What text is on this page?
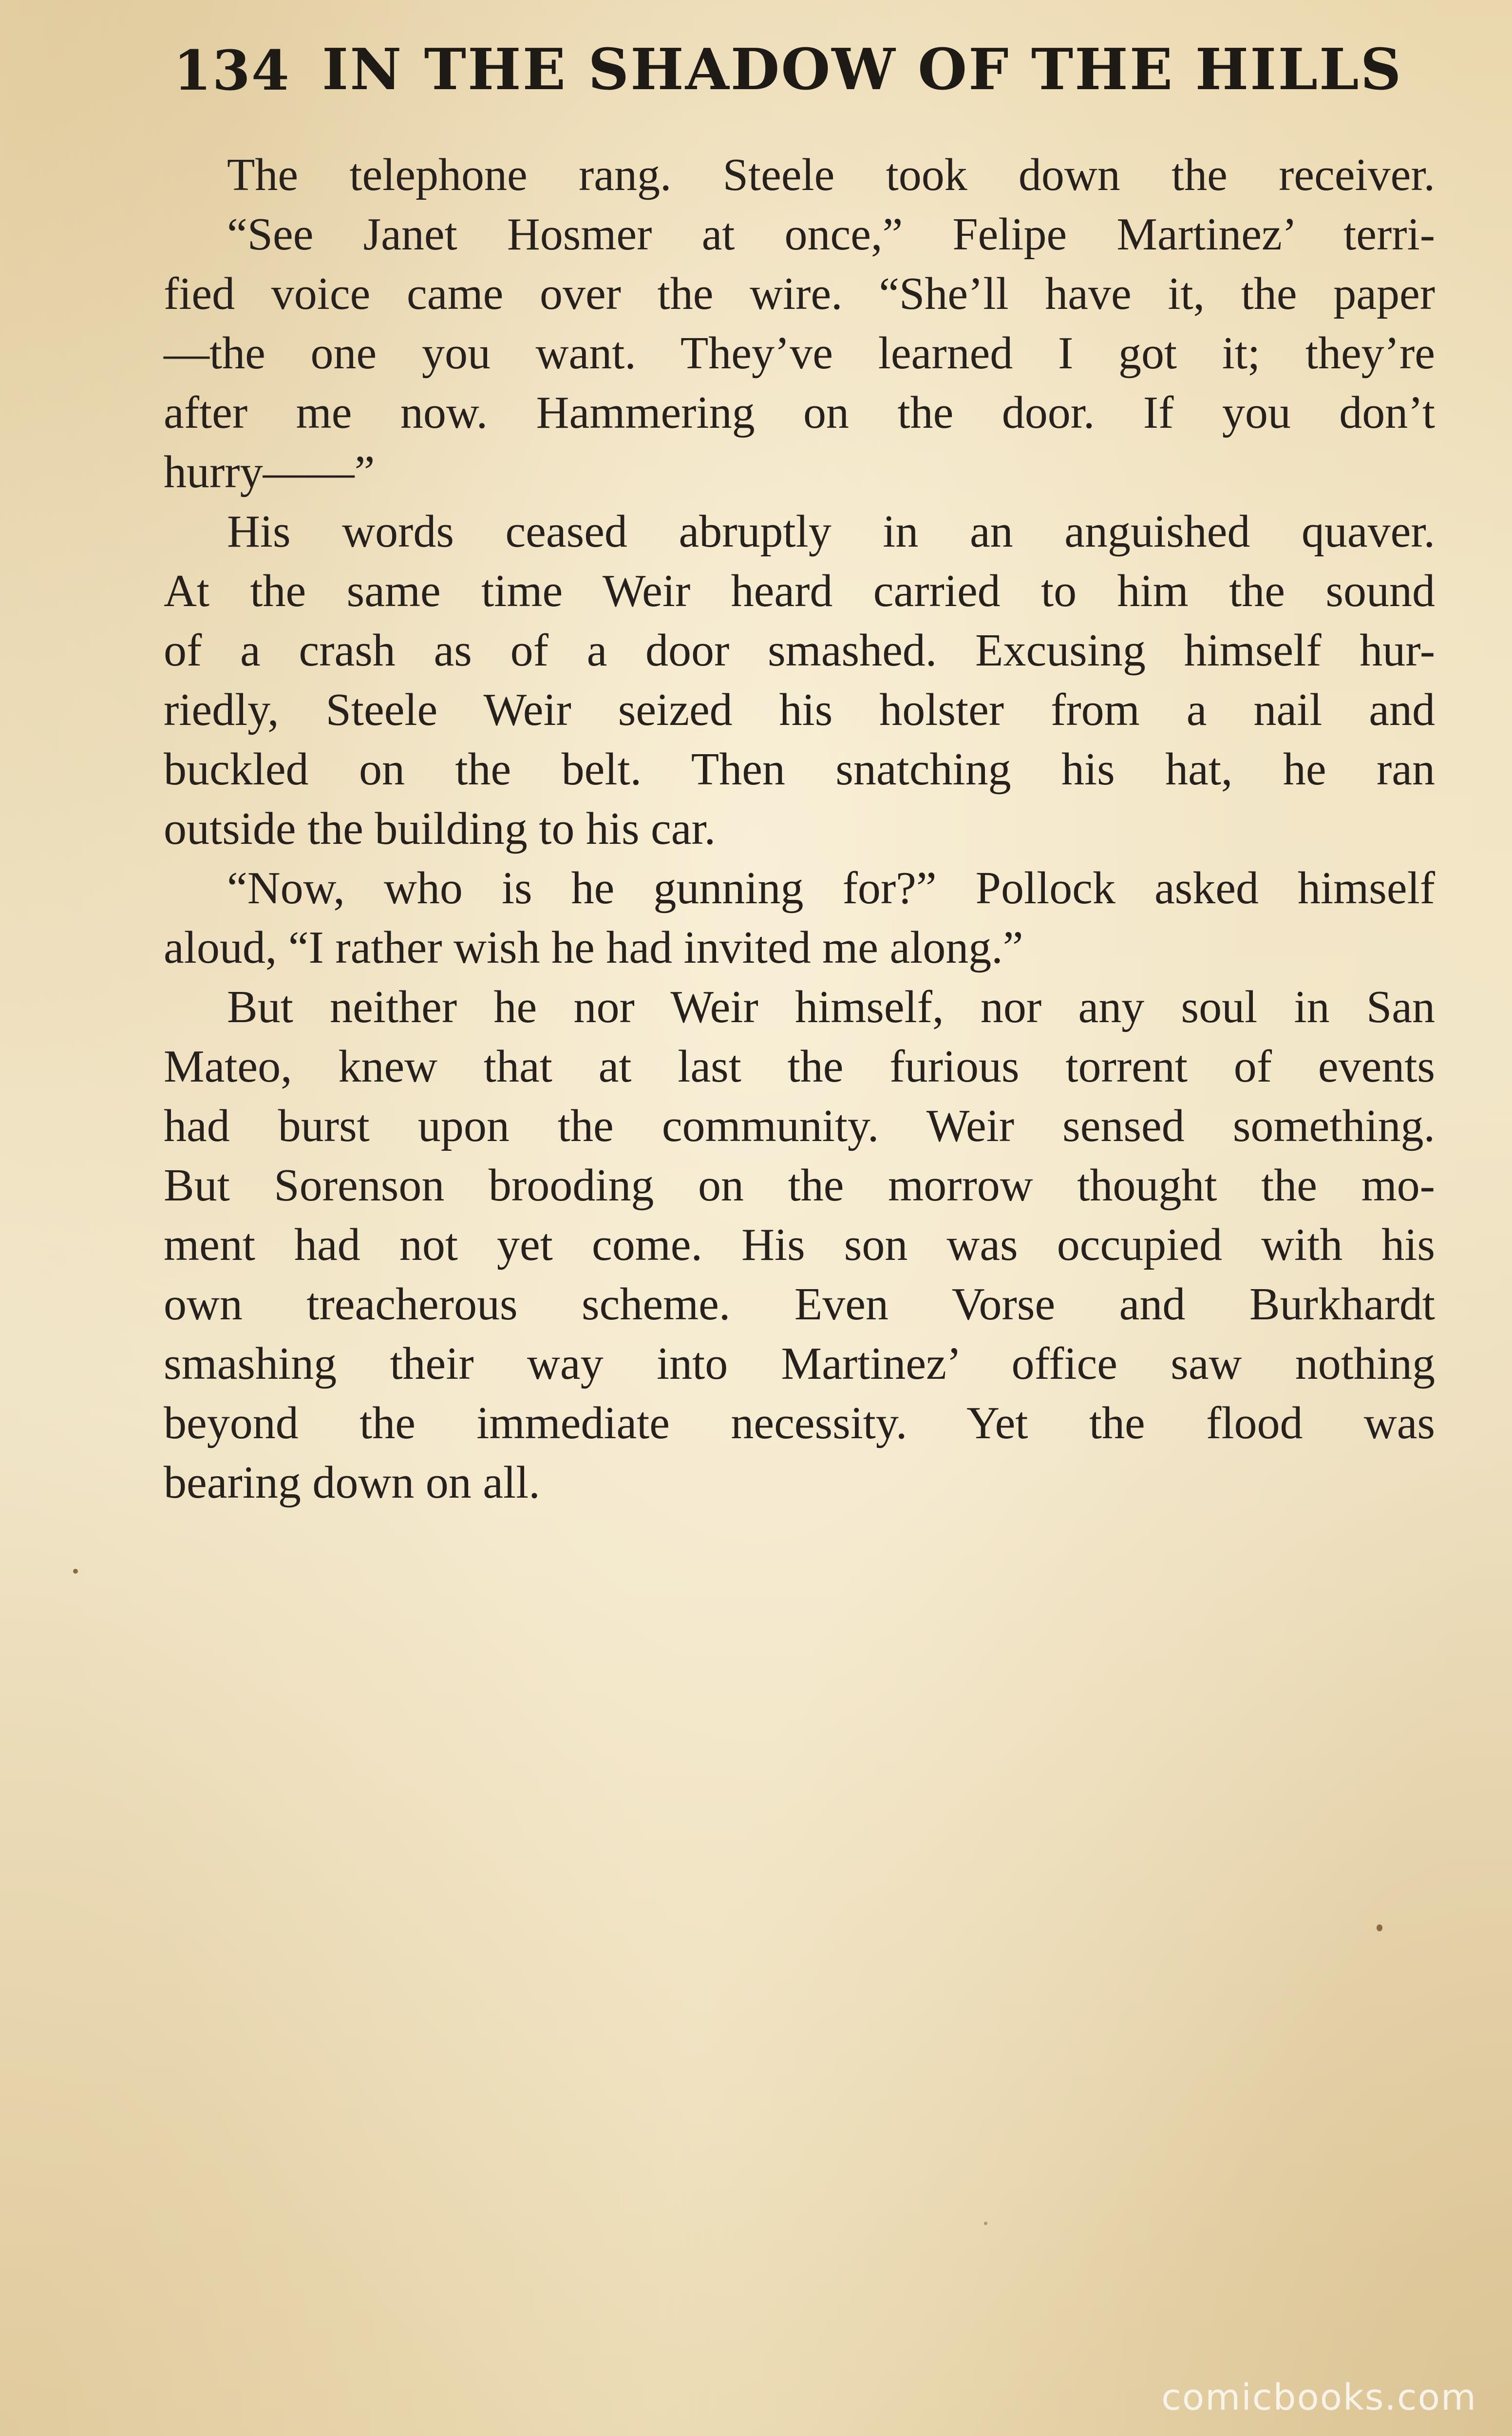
134 IN THE SHADOW OF THE HILLS
The telephone rang. Steele took down the receiver.
“See Janet Hosmer at once,” Felipe Martinez’ terri-
fied voice came over the wire. “She’ll have it, the paper
—the one you want. They’ve learned I got it; they’re
after me now. Hammering on the door. If you don’t
hurry——”
His words ceased abruptly in an anguished quaver.
At the same time Weir heard carried to him the sound
of a crash as of a door smashed. Excusing himself hur-
riedly, Steele Weir seized his holster from a nail and
buckled on the belt. Then snatching his hat, he ran
outside the building to his car.
“Now, who is he gunning for?” Pollock asked himself
aloud, “I rather wish he had invited me along.”
But neither he nor Weir himself, nor any soul in San
Mateo, knew that at last the furious torrent of events
had burst upon the community. Weir sensed something.
But Sorenson brooding on the morrow thought the mo-
ment had not yet come. His son was occupied with his
own treacherous scheme. Even Vorse and Burkhardt
smashing their way into Martinez’ office saw nothing
beyond the immediate necessity. Yet the flood was
bearing down on all.
comicbooks.com
